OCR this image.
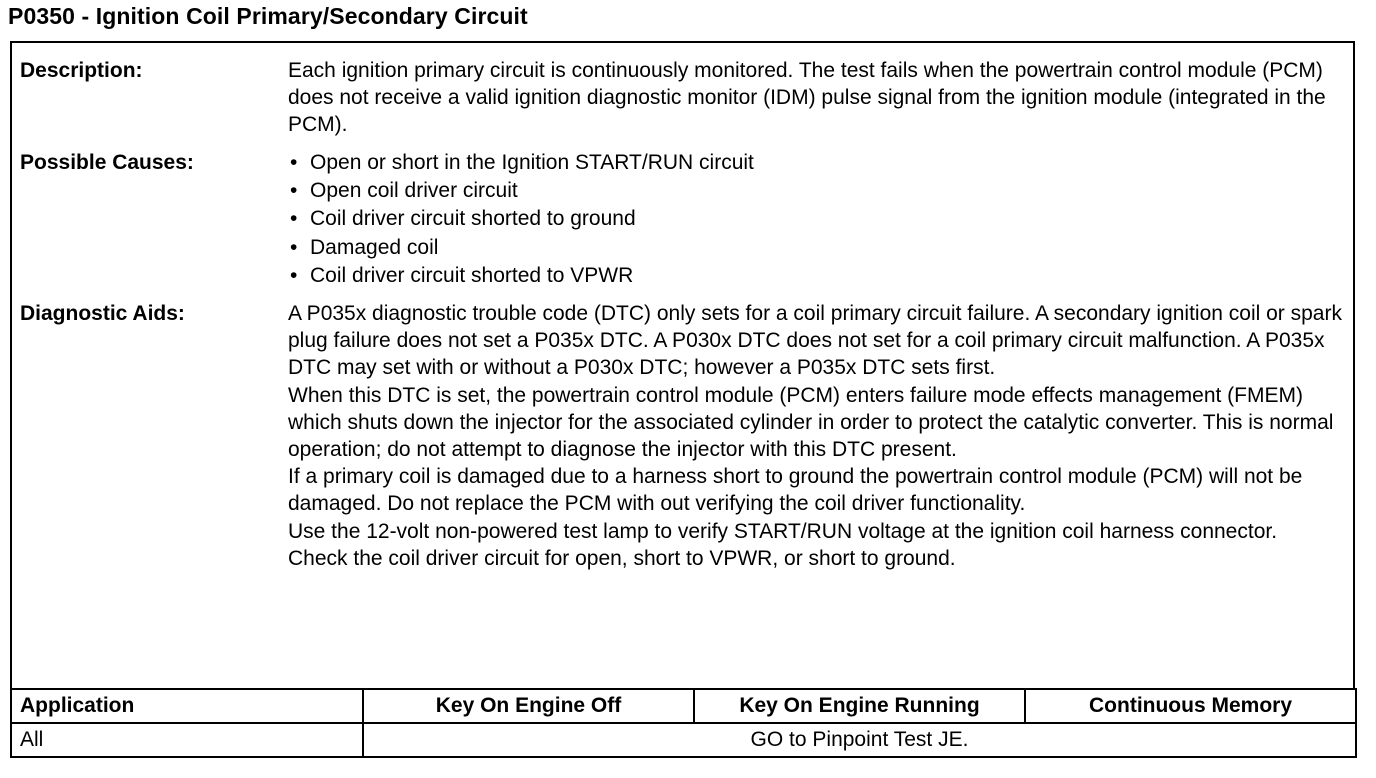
P0350 - Ignition Coil Primary/Secondary Circuit
Description:	Each ignition primary circuit is continuously monitored. The test fails when the powertrain control module (PCM) does not receive a valid ignition diagnostic monitor (IDM) pulse signal from the ignition module (integrated in the PCM).

Possible Causes:	• Open or short in the Ignition START/RUN circuit
• Open coil driver circuit
• Coil driver circuit shorted to ground
• Damaged coil
• Coil driver circuit shorted to VPWR
Diagnostic Aids:	A P035x diagnostic trouble code (DTC) only sets for a coil primary circuit failure. A secondary ignition coil or spark plug failure does not set a P035x DTC. A P030x DTC does not set for a coil primary circuit malfunction. A P035x DTC may set with or without a P030x DTC; however a P035x DTC sets first.

When this DTC is set, the powertrain control module (PCM) enters failure mode effects management (FMEM) which shuts down the injector for the associated cylinder in order to protect the catalytic converter. This is normal operation; do not attempt to diagnose the injector with this DTC present.

If a primary coil is damaged due to a harness short to ground the powertrain control module (PCM) will not be damaged. Do not replace the PCM with out verifying the coil driver functionality.

Use the 12-volt non-powered test lamp to verify START/RUN voltage at the ignition coil harness connector.

Check the coil driver circuit for open, short to VPWR, or short to ground.

Application	Key On Engine Off	Key On Engine Running	Continuous Memory
All	GO to Pinpoint Test JE.		
